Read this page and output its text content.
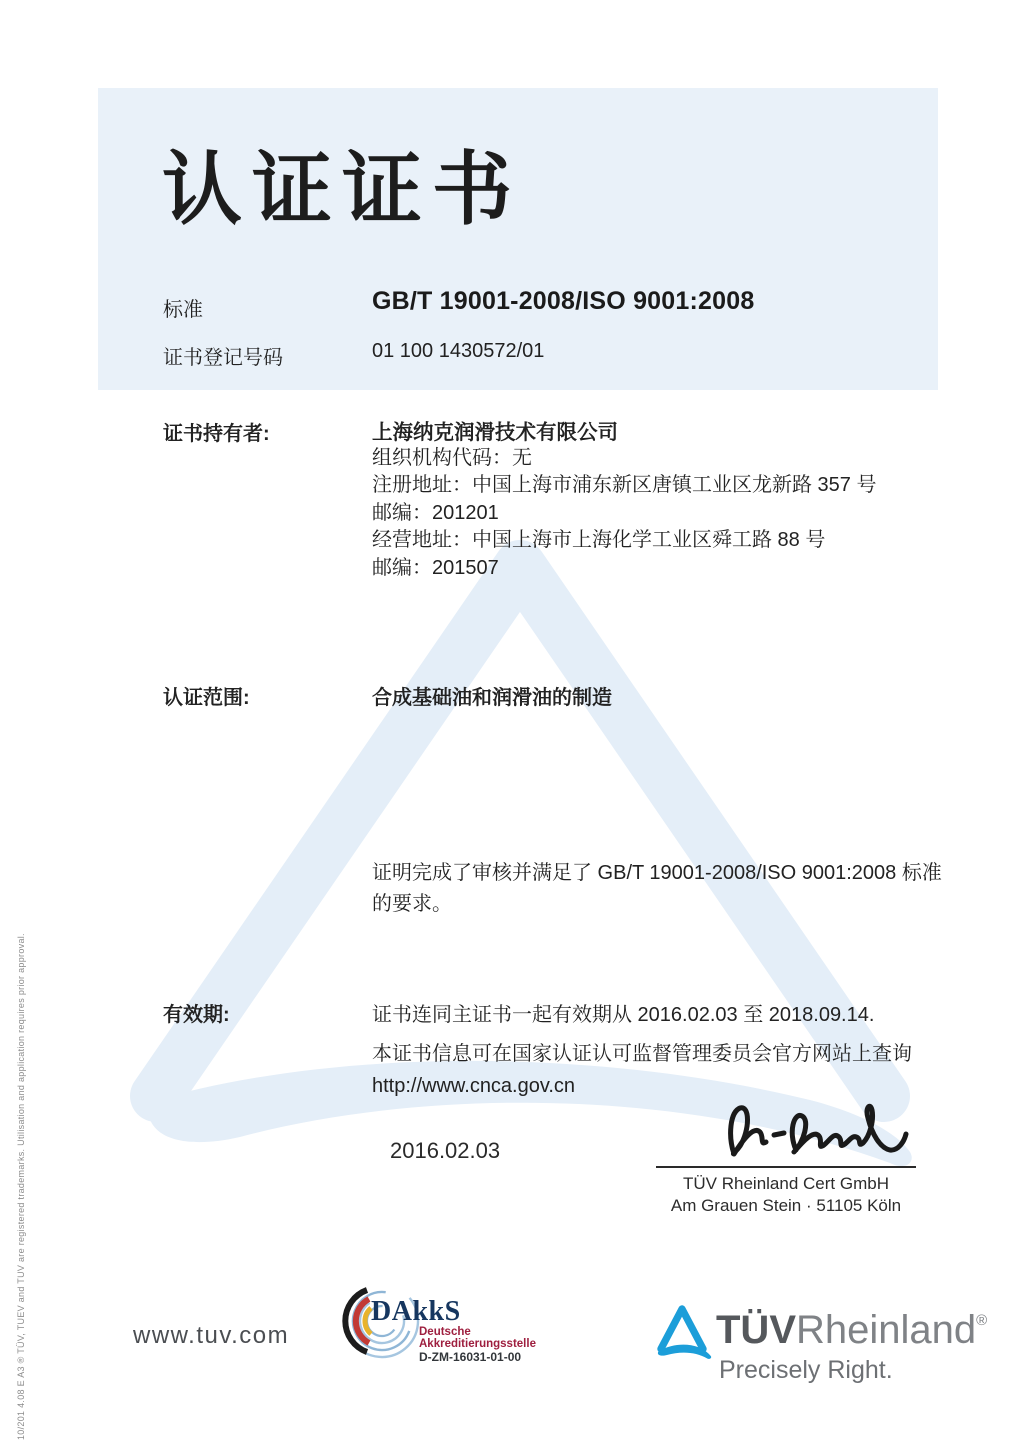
认证证书
标准	GB/T 19001-2008/ISO 9001:2008
证书登记号码	01 100 1430572/01
证书持有者:	上海纳克润滑技术有限公司
组织机构代码：无
注册地址：中国上海市浦东新区唐镇工业区龙新路 357 号
邮编：201201
经营地址：中国上海市上海化学工业区舜工路 88 号
邮编：201507
认证范围:	合成基础油和润滑油的制造
证明完成了审核并满足了 GB/T 19001-2008/ISO 9001:2008 标准
的要求。
有效期:	证书连同主证书一起有效期从 2016.02.03 至 2018.09.14.
本证书信息可在国家认证认可监督管理委员会官方网站上查询
http://www.cnca.gov.cn
2016.02.03
TÜV Rheinland Cert GmbH
Am Grauen Stein · 51105 Köln
www.tuv.com
DAkkS
Deutsche
Akkreditierungsstelle
D-ZM-16031-01-00
TÜVRheinland®
Precisely Right.
10/201 4.08 E A3 ® TÜV, TUEV and TUV are registered trademarks. Utilisation and application requires prior approval.
